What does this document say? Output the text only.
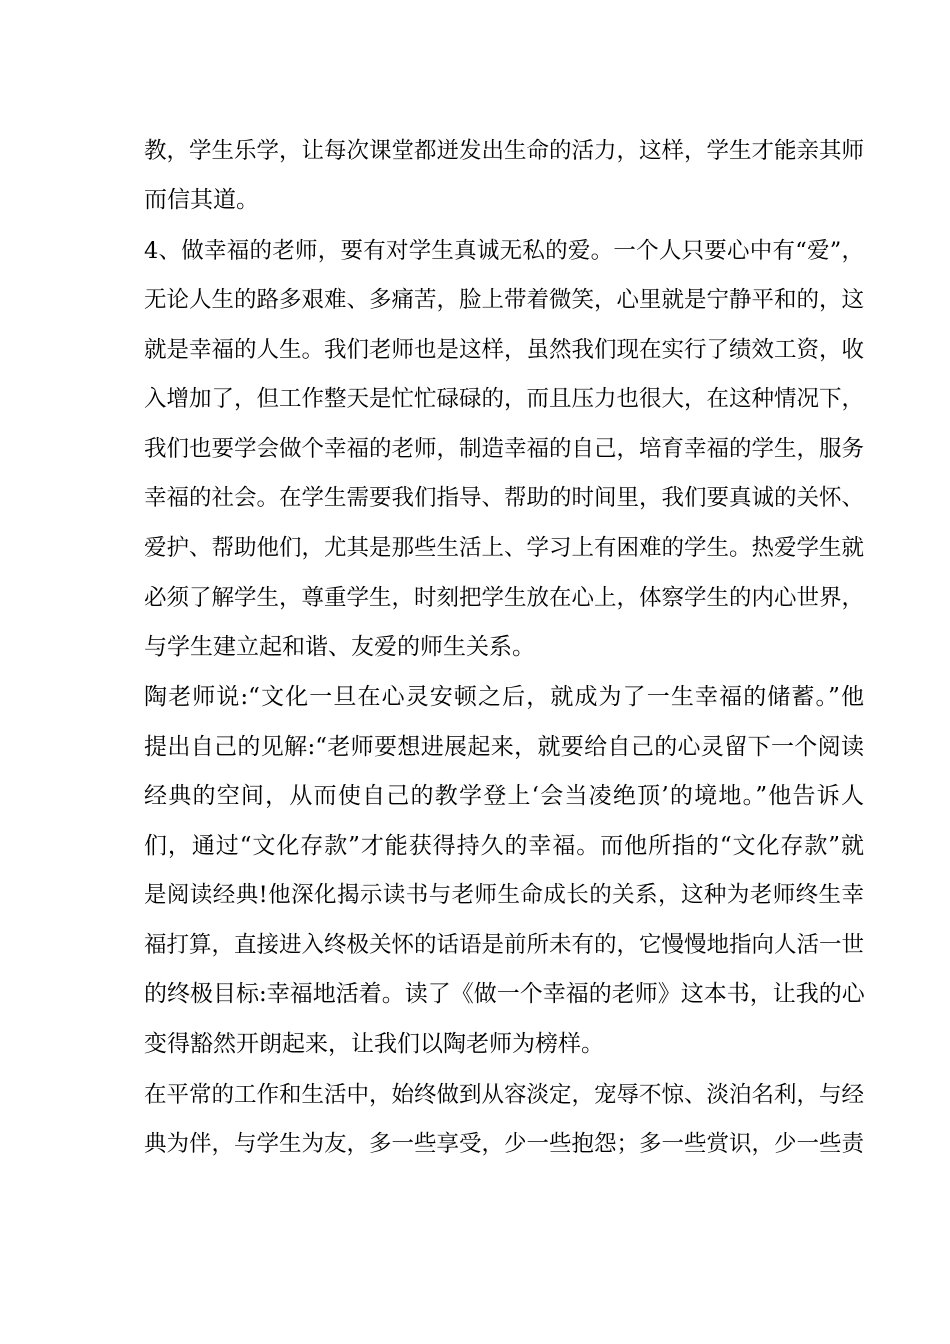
教，学生乐学，让每次课堂都迸发出生命的活力，这样，学生才能亲其师
而信其道。
4、做幸福的老师，要有对学生真诚无私的爱。一个人只要心中有“爱”，
无论人生的路多艰难、多痛苦，脸上带着微笑，心里就是宁静平和的，这
就是幸福的人生。我们老师也是这样，虽然我们现在实行了绩效工资，收
入增加了，但工作整天是忙忙碌碌的，而且压力也很大，在这种情况下，
我们也要学会做个幸福的老师，制造幸福的自己，培育幸福的学生，服务
幸福的社会。在学生需要我们指导、帮助的时间里，我们要真诚的关怀、
爱护、帮助他们，尤其是那些生活上、学习上有困难的学生。热爱学生就
必须了解学生，尊重学生，时刻把学生放在心上，体察学生的内心世界，
与学生建立起和谐、友爱的师生关系。
陶老师说:“文化一旦在心灵安顿之后，就成为了一生幸福的储蓄。”他
提出自己的见解:“老师要想进展起来，就要给自己的心灵留下一个阅读
经典的空间，从而使自己的教学登上‘会当凌绝顶’的境地。”他告诉人
们，通过“文化存款”才能获得持久的幸福。而他所指的“文化存款”就
是阅读经典!他深化揭示读书与老师生命成长的关系，这种为老师终生幸
福打算，直接进入终极关怀的话语是前所未有的，它慢慢地指向人活一世
的终极目标:幸福地活着。读了《做一个幸福的老师》这本书，让我的心
变得豁然开朗起来，让我们以陶老师为榜样。
在平常的工作和生活中，始终做到从容淡定，宠辱不惊、淡泊名利，与经
典为伴，与学生为友，多一些享受，少一些抱怨；多一些赏识，少一些责
